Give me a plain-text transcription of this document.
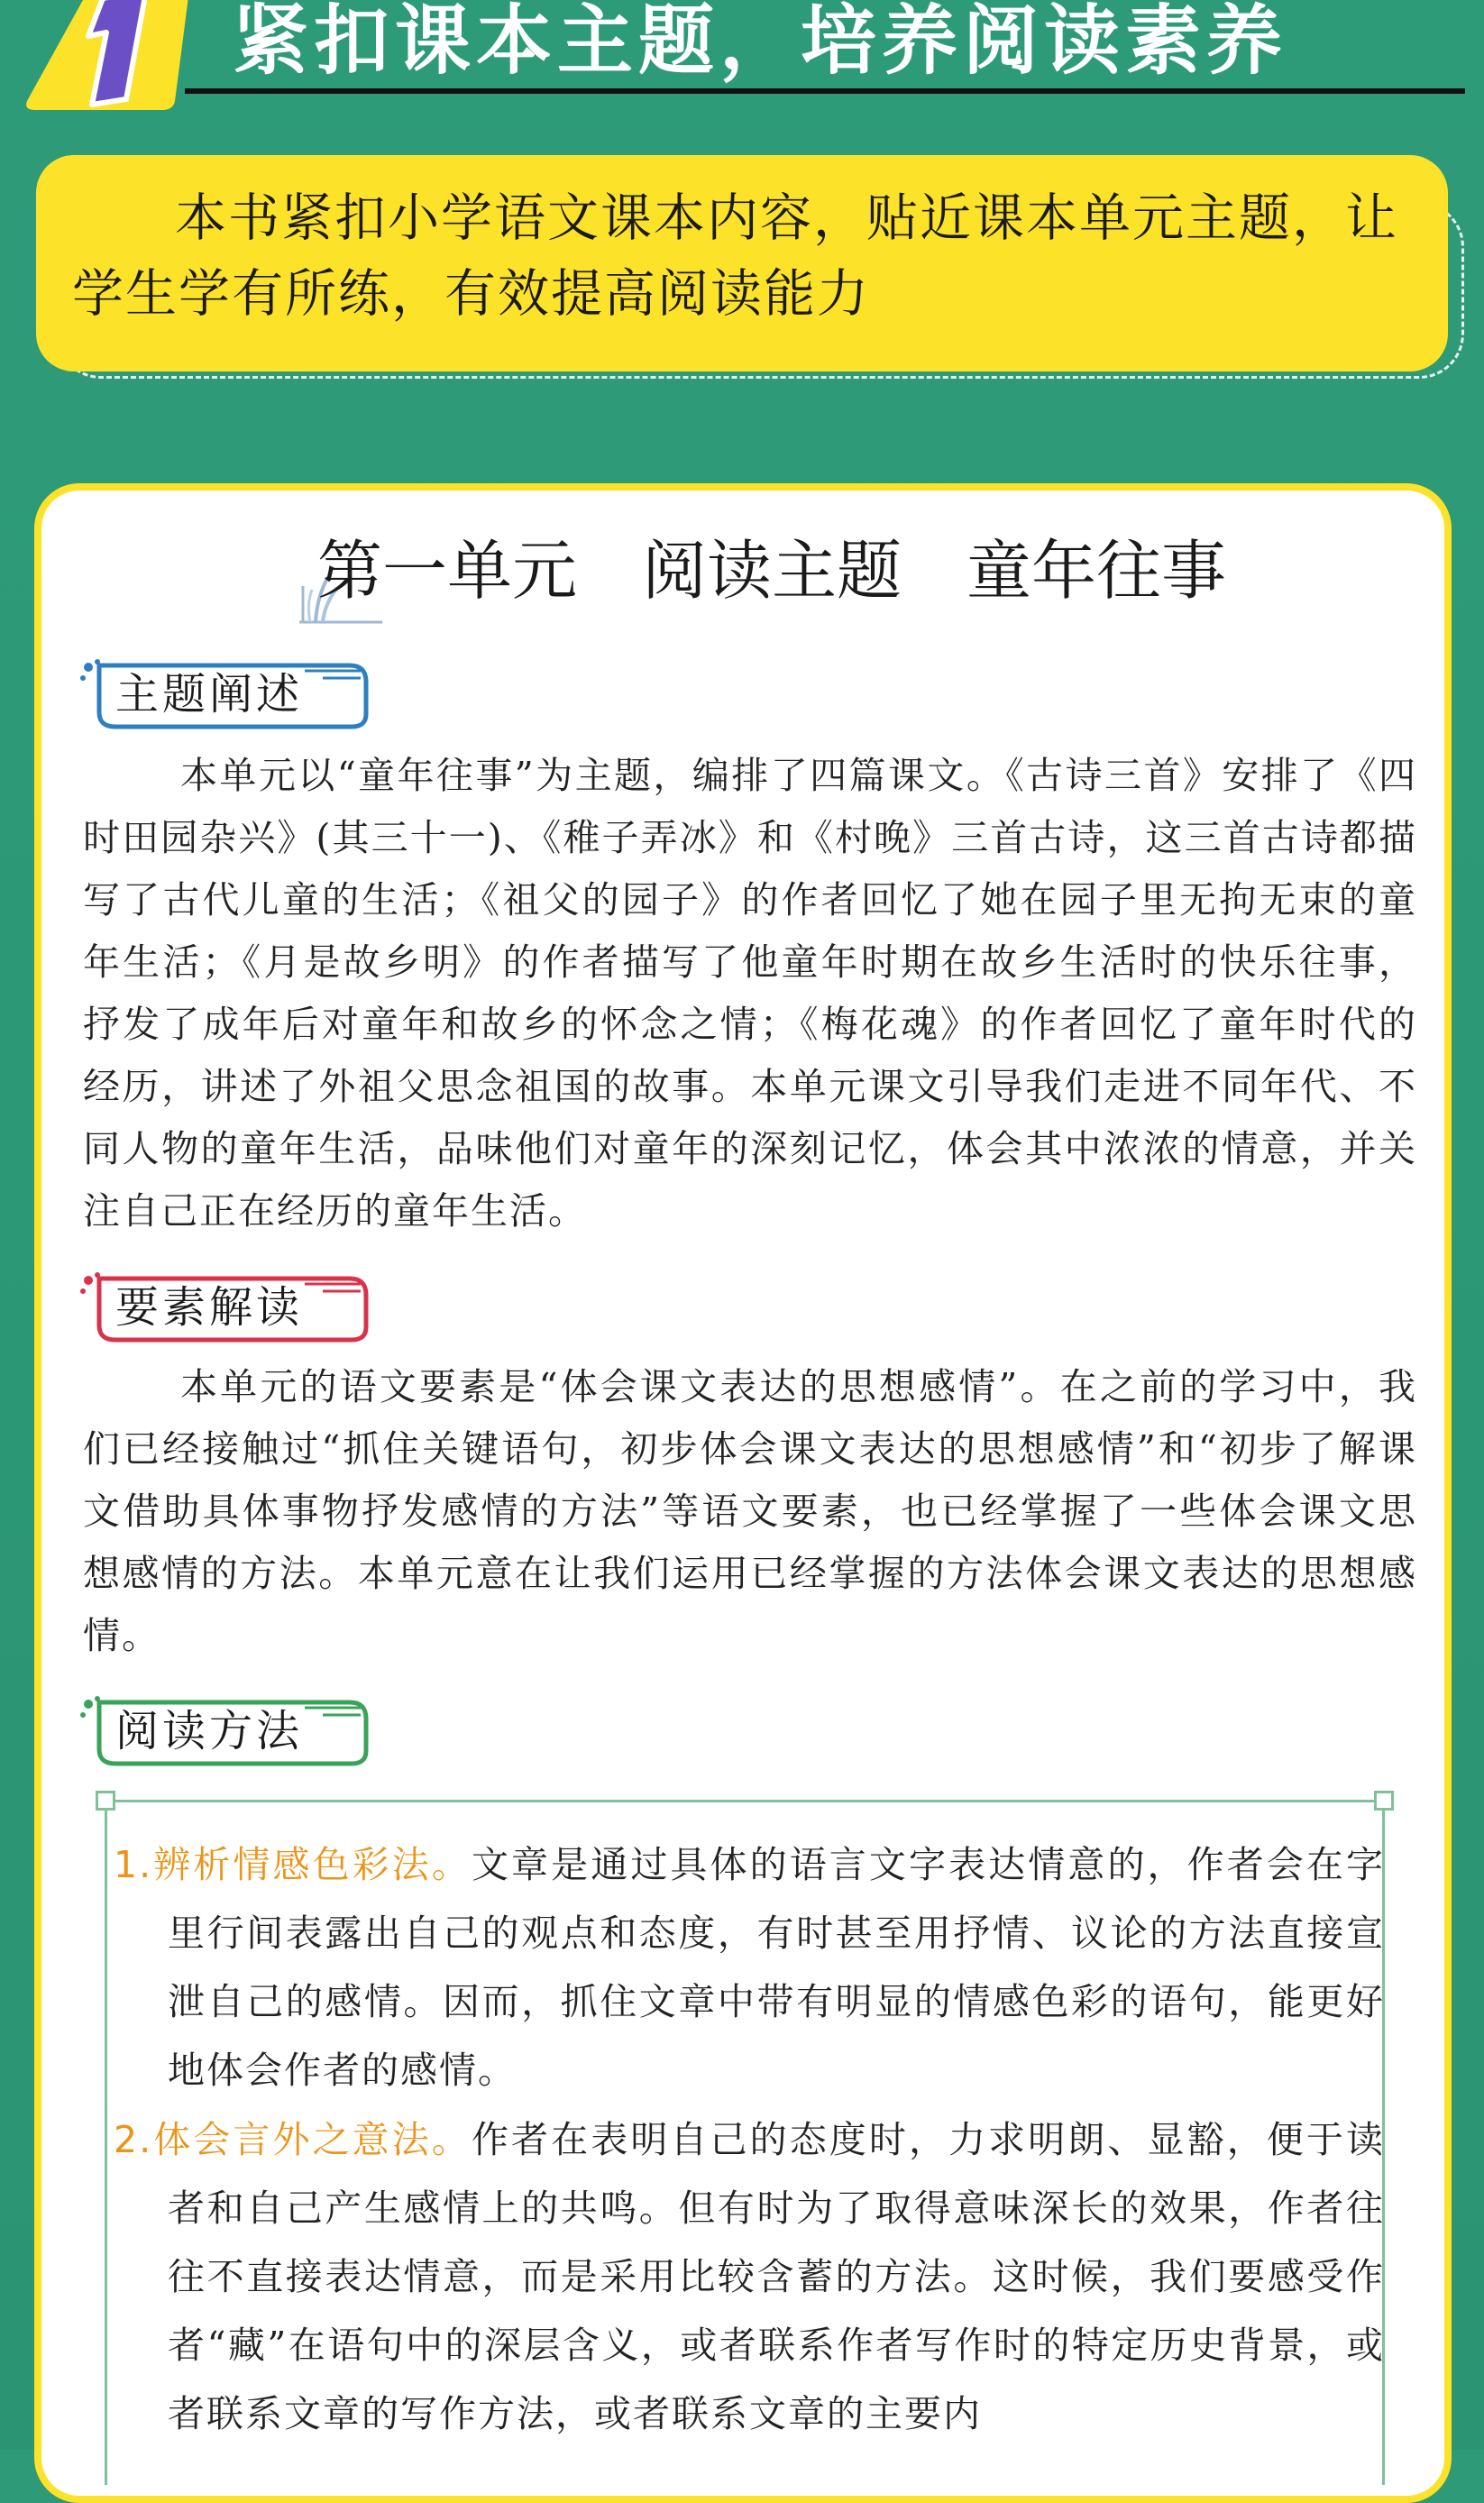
紧扣课本主题，培养阅读素养
本书紧扣小学语文课本内容，贴近课本单元主题，让学生学有所练，有效提高阅读能力
第一单元　阅读主题　童年往事
主题阐述

本单元以“童年往事”为主题，编排了四篇课文。《古诗三首》安排了《四时田园杂兴》(其三十一)、《稚子弄冰》和《村晚》三首古诗，这三首古诗都描写了古代儿童的生活；《祖父的园子》的作者回忆了她在园子里无拘无束的童年生活；《月是故乡明》的作者描写了他童年时期在故乡生活时的快乐往事，抒发了成年后对童年和故乡的怀念之情；《梅花魂》的作者回忆了童年时代的经历，讲述了外祖父思念祖国的故事。本单元课文引导我们走进不同年代、不同人物的童年生活，品味他们对童年的深刻记忆，体会其中浓浓的情意，并关注自己正在经历的童年生活。

要素解读

本单元的语文要素是“体会课文表达的思想感情”。在之前的学习中，我们已经接触过“抓住关键语句，初步体会课文表达的思想感情”和“初步了解课文借助具体事物抒发感情的方法”等语文要素，也已经掌握了一些体会课文思想感情的方法。本单元意在让我们运用已经掌握的方法体会课文表达的思想感情。

阅读方法
1.辨析情感色彩法。文章是通过具体的语言文字表达情意的，作者会在字里行间表露出自己的观点和态度，有时甚至用抒情、议论的方法直接宣泄自己的感情。因而，抓住文章中带有明显的情感色彩的语句，能更好地体会作者的感情。
2.体会言外之意法。作者在表明自己的态度时，力求明朗、显豁，便于读者和自己产生感情上的共鸣。但有时为了取得意味深长的效果，作者往往不直接表达情意，而是采用比较含蓄的方法。这时候，我们要感受作者“藏”在语句中的深层含义，或者联系作者写作时的特定历史背景，或者联系文章的写作方法，或者联系文章的主要内
